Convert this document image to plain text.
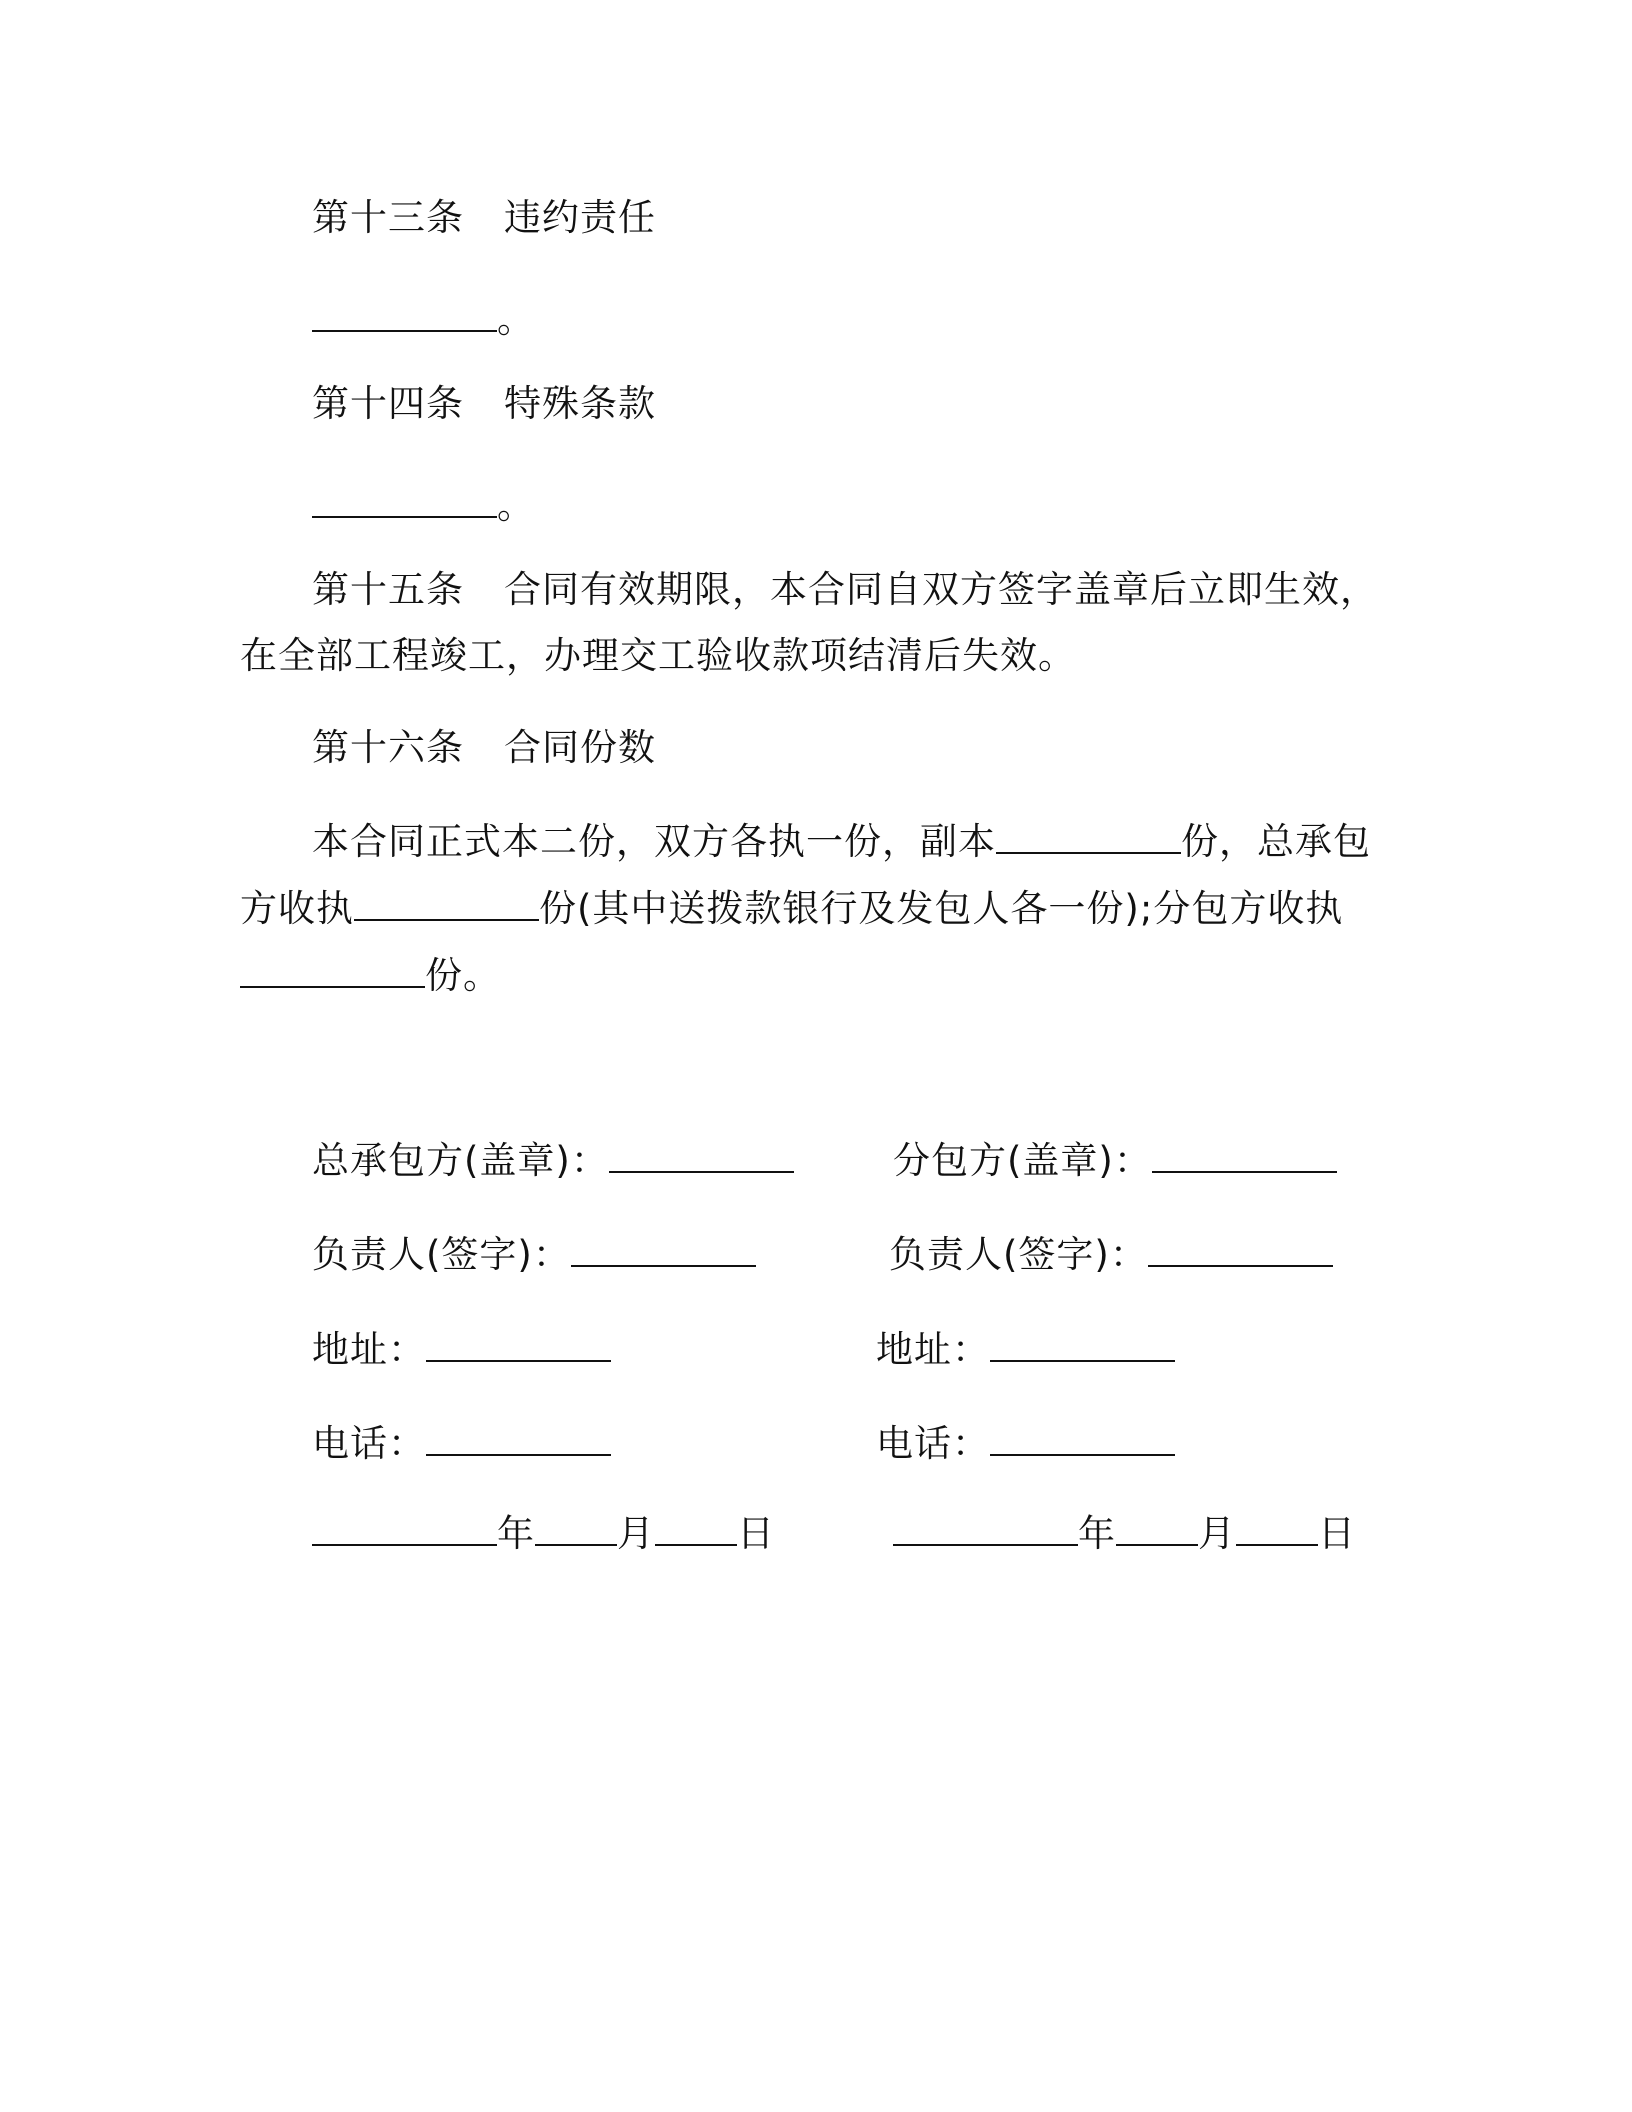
第十三条 违约责任
。
第十四条 特殊条款
。
第十五条 合同有效期限，本合同自双方签字盖章后立即生效，
在全部工程竣工，办理交工验收款项结清后失效。
第十六条 合同份数
本合同正式本二份，双方各执一份，副本	份，总承包
方收执	份(其中送拨款银行及发包人各一份);分包方收执
份。
总承包方(盖章)：
负责人(签字)：
地址：
电话：
年 月 日
分包方(盖章)：
负责人(签字)：
地址：
电话：
年 月 日
